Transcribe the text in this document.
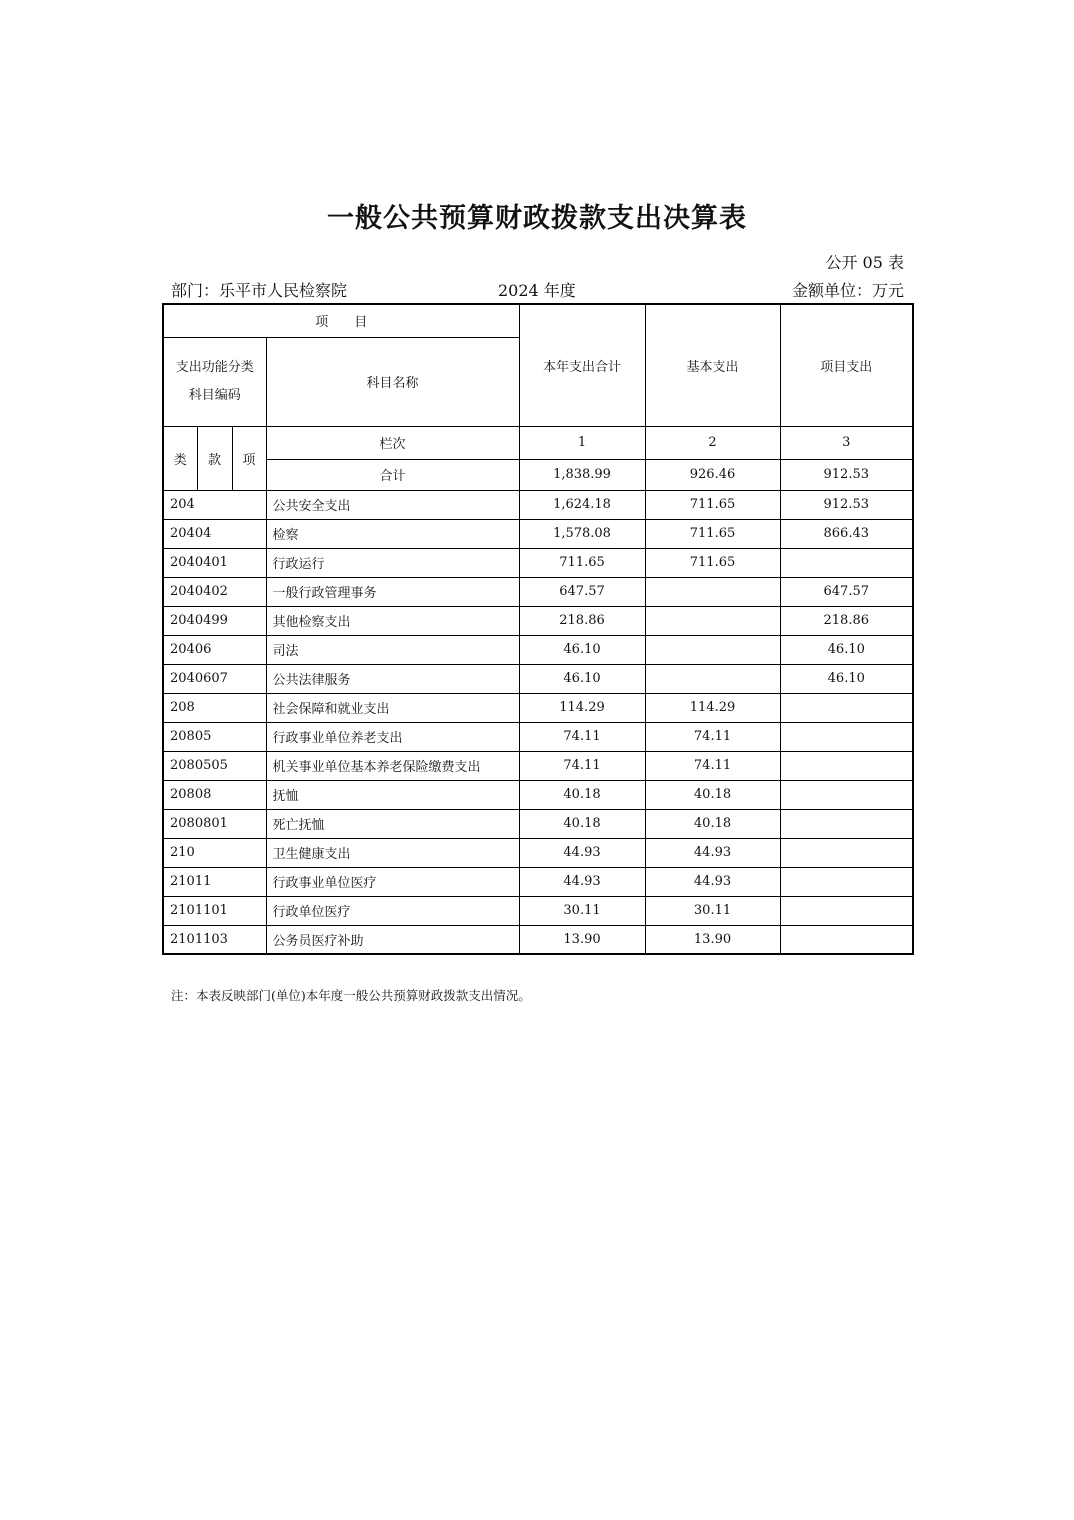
一般公共预算财政拨款支出决算表
公开 05 表
部门：乐平市人民检察院	2024 年度	金额单位：万元
项　　目				本年支出合计	基本支出	项目支出

支出功能分类
科目编码			科目名称			
类	款	项	栏次	1	2	3
			合计	1,838.99	926.46	912.53
204			公共安全支出	1,624.18	711.65	912.53
20404			检察	1,578.08	711.65	866.43
2040401			行政运行	711.65	711.65	
2040402			一般行政管理事务	647.57		647.57
2040499			其他检察支出	218.86		218.86
20406			司法	46.10		46.10
2040607			公共法律服务	46.10		46.10
208			社会保障和就业支出	114.29	114.29	
20805			行政事业单位养老支出	74.11	74.11	
2080505			机关事业单位基本养老保险缴费支出	74.11	74.11	
20808			抚恤	40.18	40.18	
2080801			死亡抚恤	40.18	40.18	
210			卫生健康支出	44.93	44.93	
21011			行政事业单位医疗	44.93	44.93	
2101101			行政单位医疗	30.11	30.11	
2101103			公务员医疗补助	13.90	13.90	
注：本表反映部门(单位)本年度一般公共预算财政拨款支出情况。
